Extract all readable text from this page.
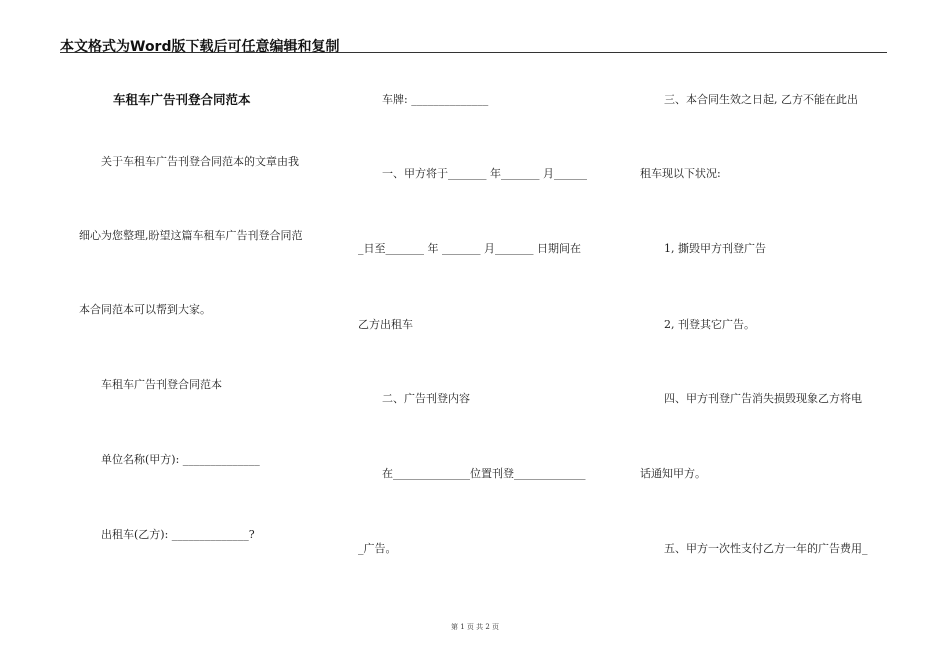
本文格式为Word版下载后可任意编辑和复制
车租车广告刊登合同范本
关于车租车广告刊登合同范本的文章由我
细心为您整理,盼望这篇车租车广告刊登合同范
本合同范本可以帮到大家。
车租车广告刊登合同范本
单位名称(甲方): ______________
出租车(乙方): ______________?
车牌: ______________
一、甲方将于_______ 年_______ 月______
_日至_______ 年 _______ 月_______ 日期间在
乙方出租车
二、广告刊登内容
在______________位置刊登_____________
_广告。
三、本合同生效之日起, 乙方不能在此出
租车现以下状况:
1, 撕毁甲方刊登广告
2, 刊登其它广告。
四、甲方刊登广告消失损毁现象乙方将电
话通知甲方。
五、甲方一次性支付乙方一年的广告费用_
第 1 页 共 2 页
